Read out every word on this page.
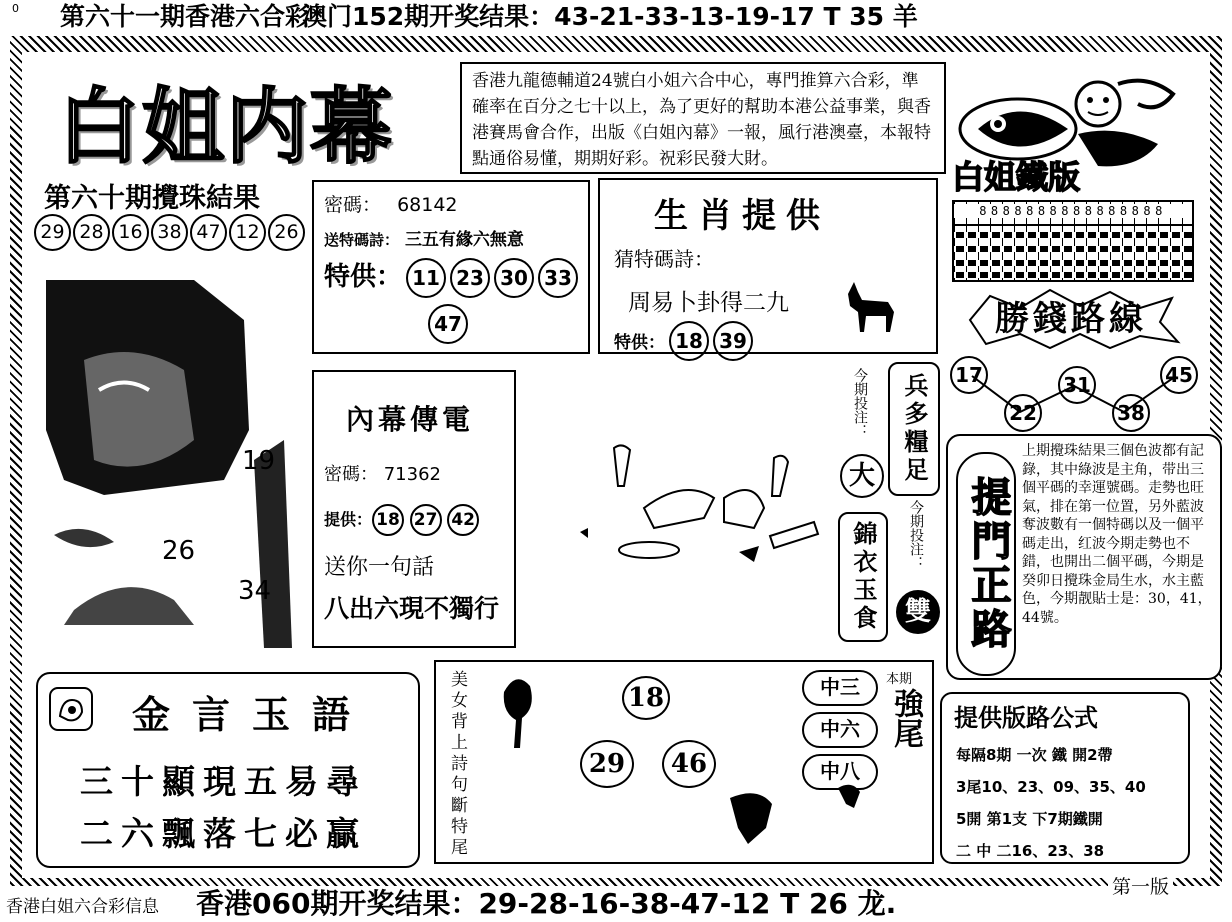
0 第六十一期香港六合彩
澳门152期开奖结果：43-21-33-13-19-17 T 35 羊
白姐内幕	香港九龍德輔道24號白小姐六合中心，專門推算六合彩，準確率在百分之七十以上，為了更好的幫助本港公益事業，與香港賽馬會合作，出版《白姐內幕》一報，風行港澳臺，本報特點通俗易懂，期期好彩。祝彩民發大財。	白姐鐵版
第六十期攪珠結果
29 28 16 38 47 12 26
19
26
34
密碼： 68142
送特碼詩： 三五有緣六無意
特供： 11 23 30 33
47
生肖提供
猜特碼詩：
周易卜卦得二九
特供： 18 39
內幕傳電
密碼： 71362
提供： 18 27 42
送你一句話
八出六現不獨行
今期投注：
大
今期投注：
雙
兵多糧足
錦衣玉食
8888888888888888
勝錢路線
17
22
31
38
45
提門正路
上期攪珠結果三個色波都有記錄，其中綠波是主角，带出三個平碼的幸運號碼。走勢也旺氣，排在第一位置，另外藍波奪波數有一個特碼以及一個平碼走出，红波今期走勢也不錯，也開出二個平碼，今期是癸卯日攪珠金局生水，水主藍色，今期靓貼士是：30，41，44號。
金言玉語
三十顯現五易尋
二六飄落七必贏	美女背上詩句斷特尾	18
29	46
中三
中六
中八
本期
強尾 提供版路公式
每隔8期 一次 鐵 開2帶
3尾10、23、09、35、40
5開 第1支 下7期鐵開
二 中 二16、23、38
香港白姐六合彩信息 香港060期开奖结果：29-28-16-38-47-12 T 26 龙.	第一版
